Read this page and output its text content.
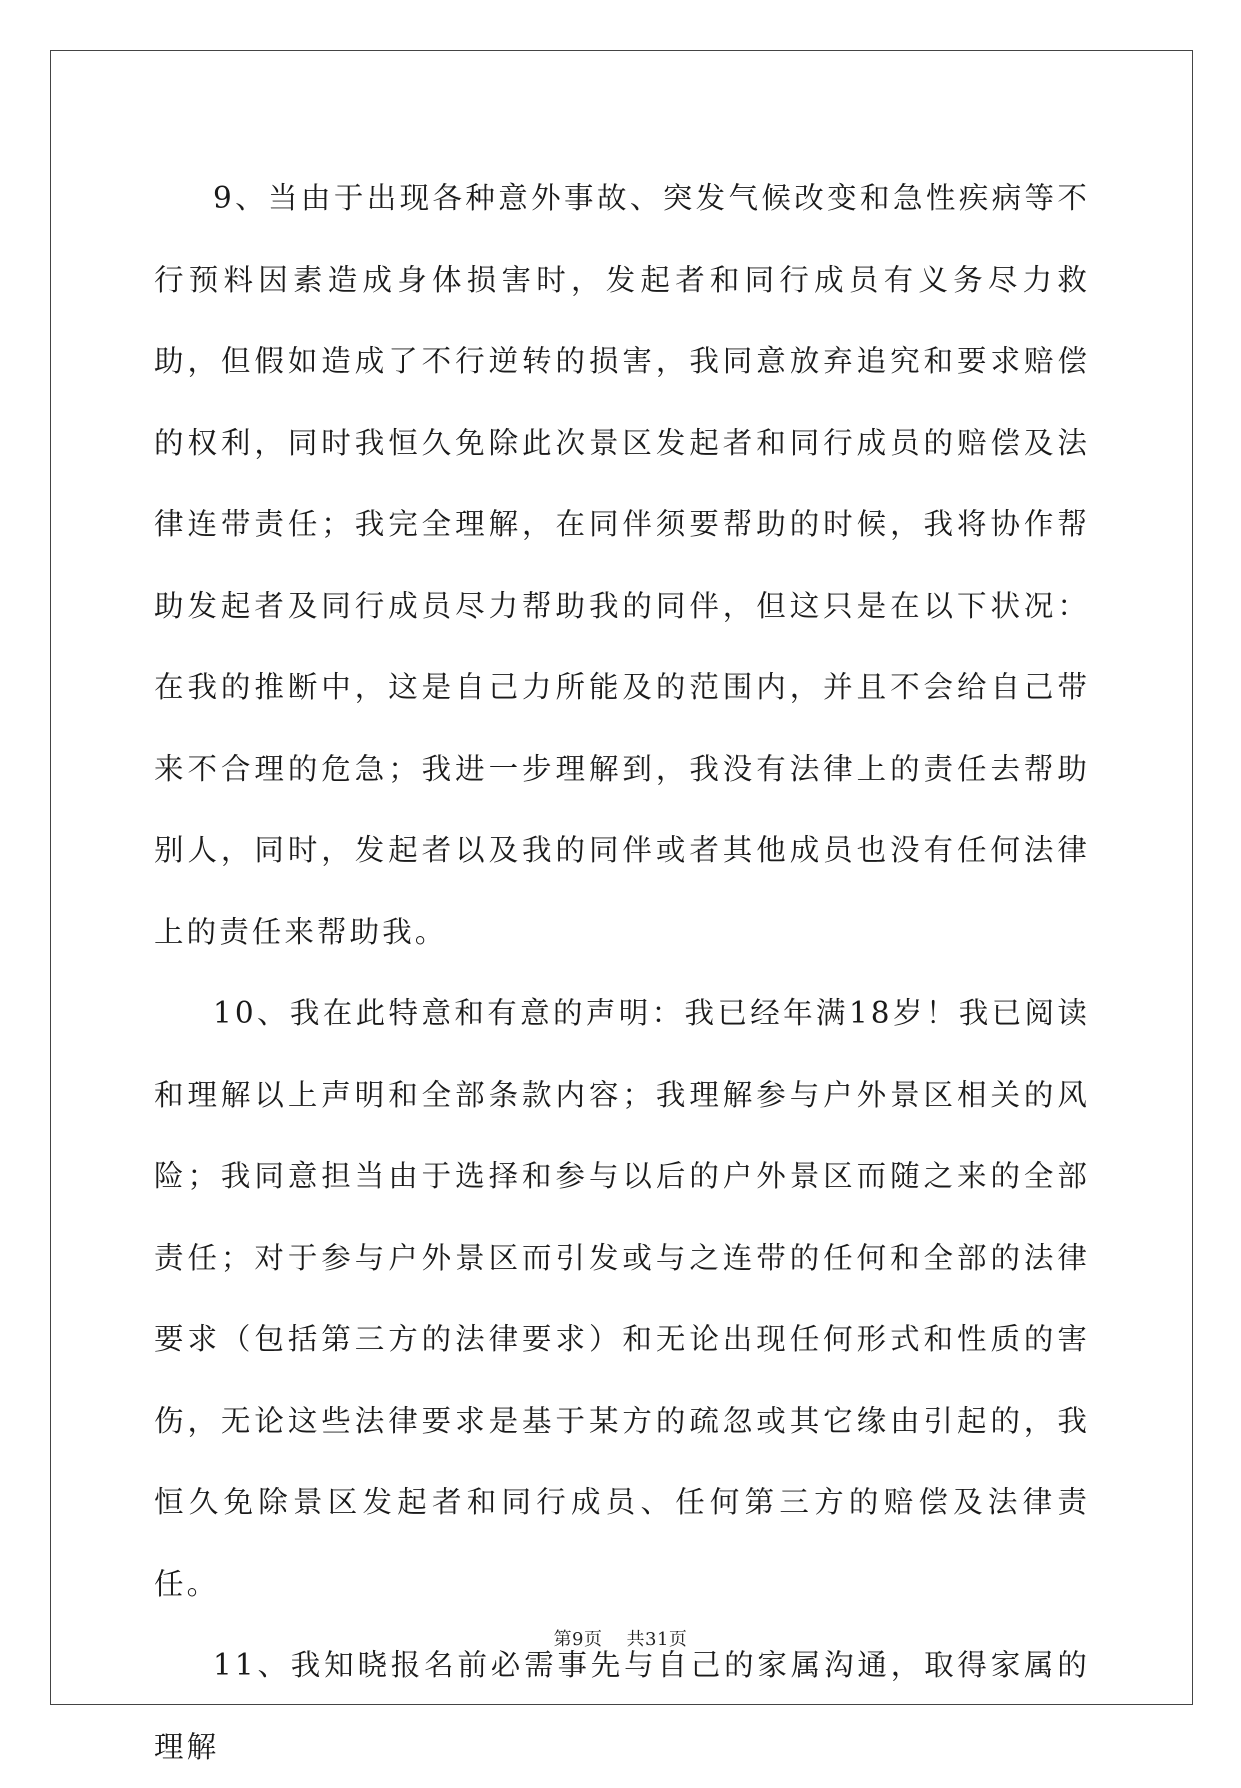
9、当由于出现各种意外事故、突发气候改变和急性疾病等不行预料因素造成身体损害时，发起者和同行成员有义务尽力救助，但假如造成了不行逆转的损害，我同意放弃追究和要求赔偿的权利，同时我恒久免除此次景区发起者和同行成员的赔偿及法律连带责任；我完全理解，在同伴须要帮助的时候，我将协作帮助发起者及同行成员尽力帮助我的同伴，但这只是在以下状况：在我的推断中，这是自己力所能及的范围内，并且不会给自己带来不合理的危急；我进一步理解到，我没有法律上的责任去帮助别人，同时，发起者以及我的同伴或者其他成员也没有任何法律上的责任来帮助我。

10、我在此特意和有意的声明：我已经年满18岁！我已阅读和理解以上声明和全部条款内容；我理解参与户外景区相关的风险；我同意担当由于选择和参与以后的户外景区而随之来的全部责任；对于参与户外景区而引发或与之连带的任何和全部的法律要求（包括第三方的法律要求）和无论出现任何形式和性质的害伤，无论这些法律要求是基于某方的疏忽或其它缘由引起的，我恒久免除景区发起者和同行成员、任何第三方的赔偿及法律责任。

11、我知晓报名前必需事先与自己的家属沟通，取得家属的理解

第9页 共31页
